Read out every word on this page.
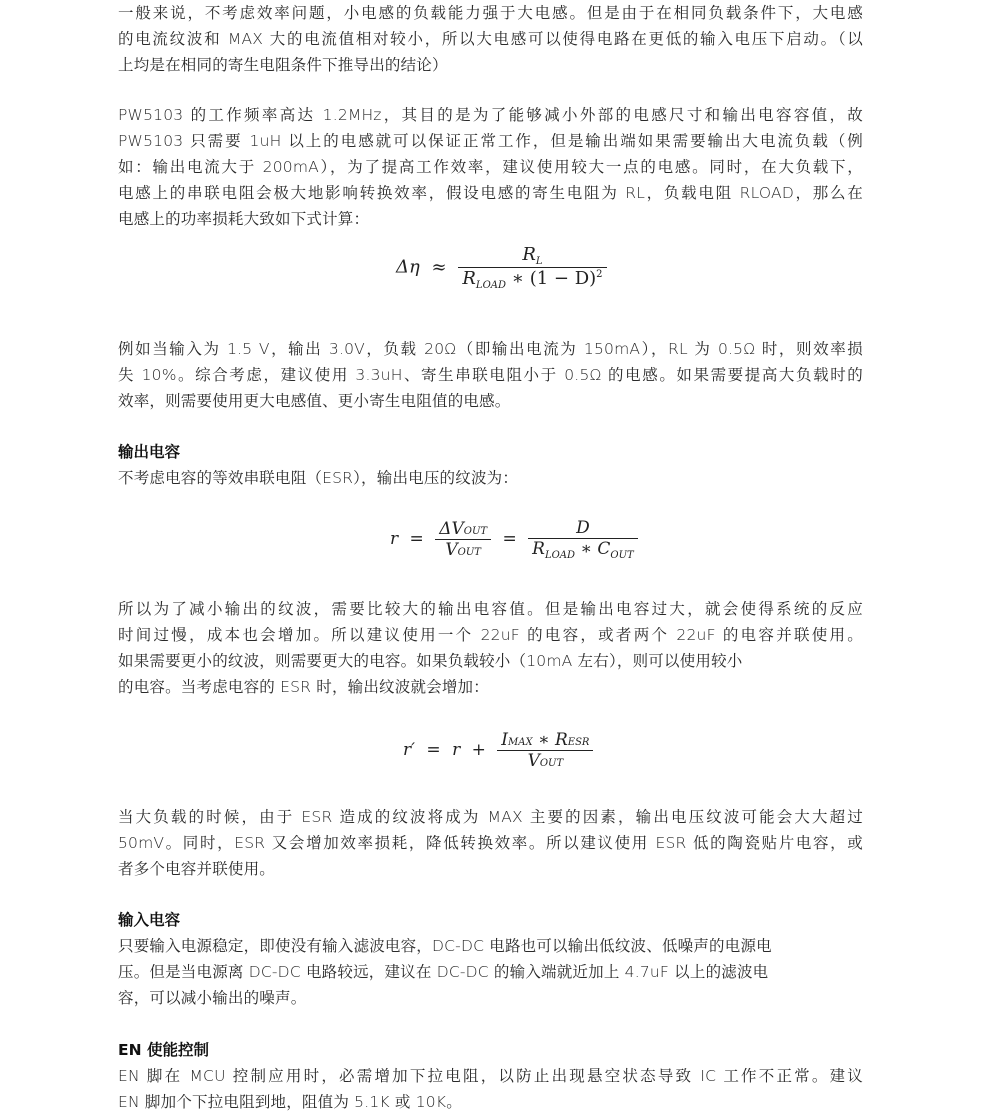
一般来说，不考虑效率问题，小电感的负载能力强于大电感。但是由于在相同负载条件下，大电感
的电流纹波和 MAX 大的电流值相对较小，所以大电感可以使得电路在更低的输入电压下启动。（以
上均是在相同的寄生电阻条件下推导出的结论）
PW5103 的工作频率高达 1.2MHz，其目的是为了能够减小外部的电感尺寸和输出电容容值，故
PW5103 只需要 1uH 以上的电感就可以保证正常工作，但是输出端如果需要输出大电流负载（例
如：输出电流大于 200mA），为了提高工作效率，建议使用较大一点的电感。同时，在大负载下，
电感上的串联电阻会极大地影响转换效率，假设电感的寄生电阻为 RL，负载电阻 RLOAD，那么在
电感上的功率损耗大致如下式计算：
$\Delta\eta \approx \frac{R_L}{R_{LOAD} ∗ (1 - D)^2}$
例如当输入为 1.5 V，输出 3.0V，负载 20Ω（即输出电流为 150mA），RL 为 0.5Ω 时，则效率损
失 10%。综合考虑，建议使用 3.3uH、寄生串联电阻小于 0.5Ω 的电感。如果需要提高大负载时的
效率，则需要使用更大电感值、更小寄生电阻值的电感。
输出电容
不考虑电容的等效串联电阻（ESR），输出电压的纹波为：
$r = \frac{\text{ΔVOUT}}{\text{VOUT}} = \frac{D}{R_{LOAD} ∗ C_{OUT}}$
所以为了减小输出的纹波，需要比较大的输出电容值。但是输出电容过大，就会使得系统的反应
时间过慢，成本也会增加。所以建议使用一个 22uF 的电容，或者两个 22uF 的电容并联使用。
如果需要更小的纹波，则需要更大的电容。如果负载较小（10mA 左右），则可以使用较小
的电容。当考虑电容的 ESR 时，输出纹波就会增加：
$r' = r + \frac{\text{IMAX ∗ RESR}}{\text{VOUT}}$
当大负载的时候，由于 ESR 造成的纹波将成为 MAX 主要的因素，输出电压纹波可能会大大超过
50mV。同时，ESR 又会增加效率损耗，降低转换效率。所以建议使用 ESR 低的陶瓷贴片电容，或
者多个电容并联使用。
输入电容
只要输入电源稳定，即使没有输入滤波电容，DC-DC 电路也可以输出低纹波、低噪声的电源电
压。但是当电源离 DC-DC 电路较远，建议在 DC-DC 的输入端就近加上 4.7uF 以上的滤波电
容，可以减小输出的噪声。
EN 使能控制
EN 脚在 MCU 控制应用时，必需增加下拉电阻，以防止出现悬空状态导致 IC 工作不正常。建议
EN 脚加个下拉电阻到地，阻值为 5.1K 或 10K。
